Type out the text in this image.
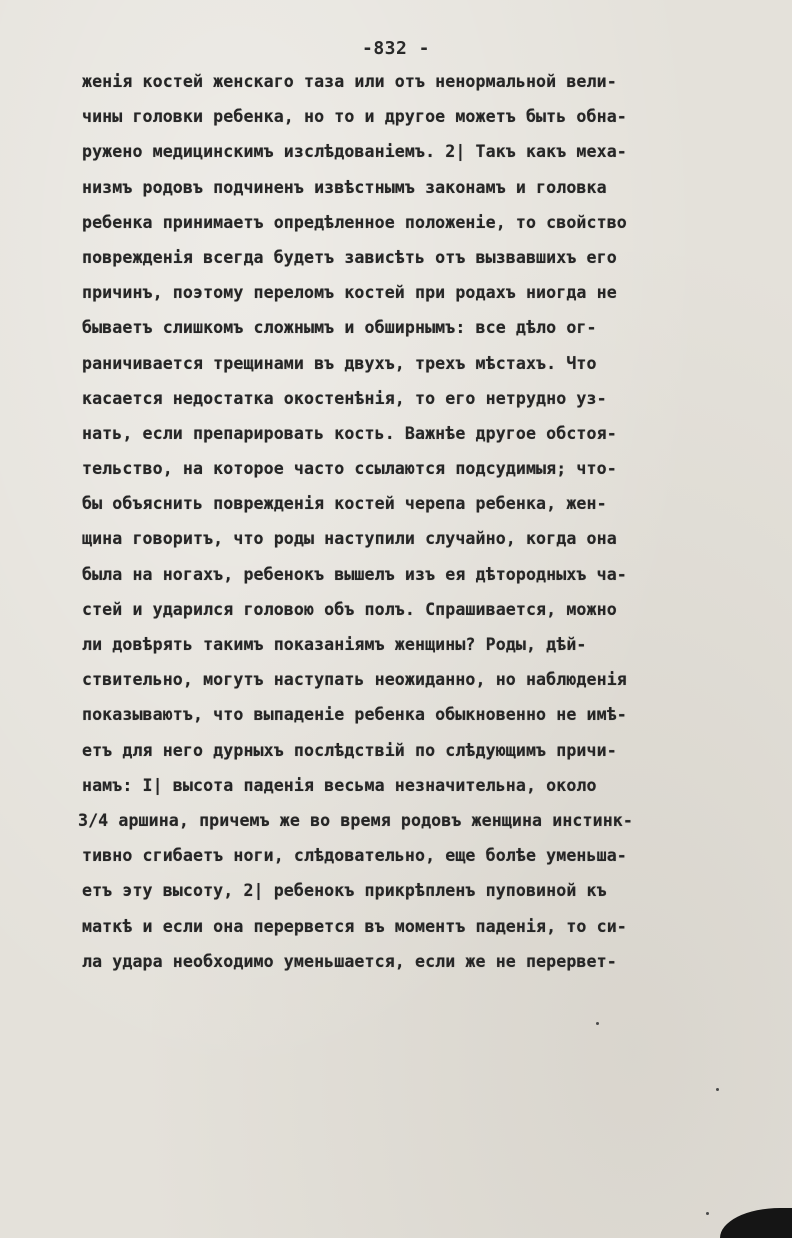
-832 -
женія костей женскаго таза или отъ ненормальной вели-
чины головки ребенка, но то и другое можетъ быть обна-
ружено медицинскимъ изслѣдованіемъ. 2| Такъ какъ меха-
низмъ родовъ подчиненъ извѣстнымъ законамъ и головка
ребенка принимаетъ опредѣленное положеніе, то свойство
поврежденія всегда будетъ зависѣть отъ вызвавшихъ его
причинъ, поэтому переломъ костей при родахъ ниогда не
бываетъ слишкомъ сложнымъ и обширнымъ: все дѣло ог-
раничивается трещинами въ двухъ, трехъ мѣстахъ. Что
касается недостатка окостенѣнія, то его нетрудно уз-
нать, если препарировать кость. Важнѣе другое обстоя-
тельство, на которое часто ссылаются подсудимыя; что-
бы объяснить поврежденія костей черепа ребенка, жен-
щина говоритъ, что роды наступили случайно, когда она
была на ногахъ, ребенокъ вышелъ изъ ея дѣтородныхъ ча-
стей и ударился головою объ полъ. Спрашивается, можно
ли довѣрять такимъ показаніямъ женщины? Роды, дѣй-
ствительно, могутъ наступать неожиданно, но наблюденія
показываютъ, что выпаденіе ребенка обыкновенно не имѣ-
етъ для него дурныхъ послѣдствій по слѣдующимъ причи-
намъ: I| высота паденія весьма незначительна, около
3/4 аршина, причемъ же во время родовъ женщина инстинк-
тивно сгибаетъ ноги, слѣдовательно, еще болѣе уменьша-
етъ эту высоту, 2| ребенокъ прикрѣпленъ пуповиной къ
маткѣ и если она перервется въ моментъ паденія, то си-
ла удара необходимо уменьшается, если же не перервет-
